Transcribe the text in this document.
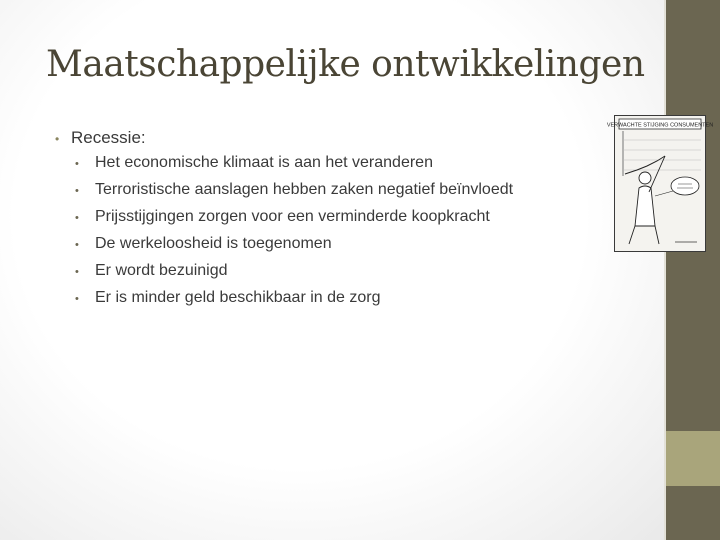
Maatschappelijke ontwikkelingen
• Recessie:
•	Het economische klimaat is aan het veranderen
•	Terroristische aanslagen hebben zaken negatief beïnvloedt
•	Prijsstijgingen zorgen voor een verminderde koopkracht
•	De werkeloosheid is toegenomen
•	Er wordt bezuinigd
•	Er is minder geld beschikbaar in de zorg
VERWACHTE STIJGING CONSUMENTEN
